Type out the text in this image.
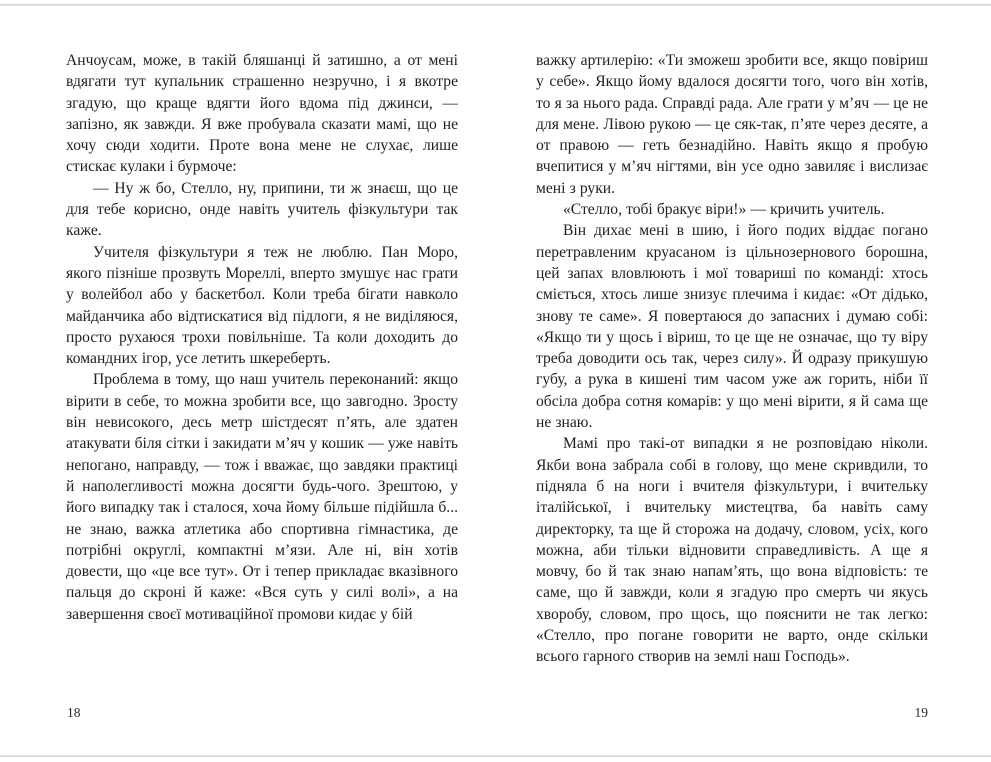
Анчоусам, може, в такій бляшанці й затишно, а от мені вдягати тут купальник страшенно незручно, і я вкотре згадую, що краще вдягти його вдома під джинси, — запізно, як завжди. Я вже пробувала сказати мамі, що не хочу сюди ходити. Проте вона мене не слухає, лише стискає кулаки і бурмоче:

— Ну ж бо, Стелло, ну, припини, ти ж знаєш, що це для тебе корисно, онде навіть учитель фізкультури так каже.

Учителя фізкультури я теж не люблю. Пан Моро, якого пізніше прозвуть Мореллі, вперто змушує нас грати у волейбол або у баскетбол. Коли треба бігати навколо майданчика або відтискатися від підлоги, я не виділяюся, просто рухаюся трохи повільніше. Та коли доходить до командних ігор, усе летить шкереберть.

Проблема в тому, що наш учитель переконаний: якщо вірити в себе, то можна зробити все, що завгодно. Зросту він невисокого, десь метр шістдесят п’ять, але здатен атакувати біля сітки і закидати м’яч у кошик — уже навіть непогано, направду, — тож і вважає, що завдяки практиці й наполегливості можна досягти будь-чого. Зрештою, у його випадку так і сталося, хоча йому більше підійшла б... не знаю, важка атлетика або спортивна гімнастика, де потрібні округлі, компактні м’язи. Але ні, він хотів довести, що «це все тут». От і тепер прикладає вказівного пальця до скроні й каже: «Вся суть у силі волі», а на завершення своєї мотиваційної промови кидає у бій

важку артилерію: «Ти зможеш зробити все, якщо повіриш у себе». Якщо йому вдалося досягти того, чого він хотів, то я за нього рада. Справді рада. Але грати у м’яч — це не для мене. Лівою рукою — це сяк-так, п’яте через десяте, а от правою — геть безнадійно. Навіть якщо я пробую вчепитися у м’яч нігтями, він усе одно завиляє і вислизає мені з руки.

«Стелло, тобі бракує віри!» — кричить учитель.

Він дихає мені в шию, і його подих віддає погано перетравленим круасаном із цільнозернового борошна, цей запах вловлюють і мої товариші по команді: хтось сміється, хтось лише знизує плечима і кидає: «От дідько, знову те саме». Я повертаюся до запасних і думаю собі: «Якщо ти у щось і віриш, то це ще не означає, що ту віру треба доводити ось так, через силу». Й одразу прикушую губу, а рука в кишені тим часом уже аж горить, ніби її обсіла добра сотня комарів: у що мені вірити, я й сама ще не знаю.

Мамі про такі-от випадки я не розповідаю ніколи. Якби вона забрала собі в голову, що мене скривдили, то підняла б на ноги і вчителя фізкультури, і вчительку італійської, і вчительку мистецтва, ба навіть саму директорку, та ще й сторожа на додачу, словом, усіх, кого можна, аби тільки відновити справедливість. А ще я мовчу, бо й так знаю напам’ять, що вона відповість: те саме, що й завжди, коли я згадую про смерть чи якусь хворобу, словом, про щось, що пояснити не так легко: «Стелло, про погане говорити не варто, онде скільки всього гарного створив на землі наш Господь».

18	19
